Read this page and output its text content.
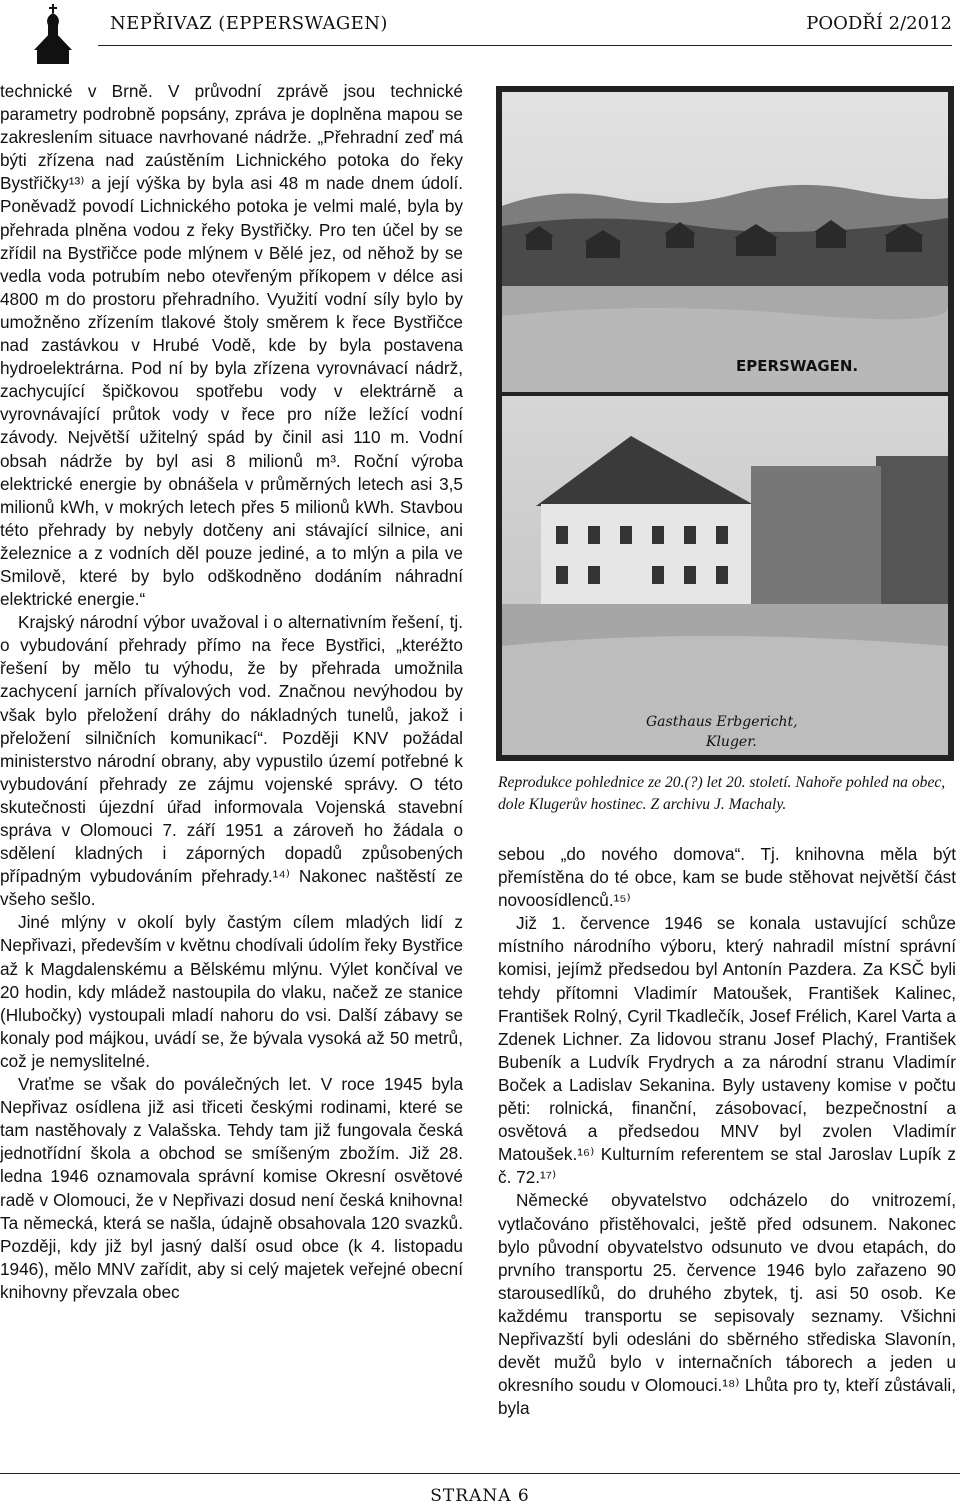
NEPŘIVAZ (EPPERSWAGEN)	POODŘÍ 2/2012

technické v Brně. V průvodní zprávě jsou technické parametry podrobně popsány, zpráva je doplněna mapou se zakreslením situace navrhované nádrže. „Přehradní zeď má býti zřízena nad zaústěním Lichnického potoka do řeky Bystřičky¹³⁾ a její výška by byla asi 48 m nade dnem údolí. Poněvadž povodí Lichnického potoka je velmi malé, byla by přehrada plněna vodou z řeky Bystřičky. Pro ten účel by se zřídil na Bystřičce pode mlýnem v Bělé jez, od něhož by se vedla voda potrubím nebo otevřeným příkopem v délce asi 4800 m do prostoru přehradního. Využití vodní síly bylo by umožněno zřízením tlakové štoly směrem k řece Bystřičce nad zastávkou v Hrubé Vodě, kde by byla postavena hydroelektrárna. Pod ní by byla zřízena vyrovnávací nádrž, zachycující špičkovou spotřebu vody v elektrárně a vyrovnávající průtok vody v řece pro níže ležící vodní závody. Největší užitelný spád by činil asi 110 m. Vodní obsah nádrže by byl asi 8 milionů m³. Roční výroba elektrické energie by obnášela v průměrných letech asi 3,5 milionů kWh, v mokrých letech přes 5 milionů kWh. Stavbou této přehrady by nebyly dotčeny ani stávající silnice, ani železnice a z vodních děl pouze jediné, a to mlýn a pila ve Smilově, které by bylo odškodněno dodáním náhradní elektrické energie.“

Krajský národní výbor uvažoval i o alternativním řešení, tj. o vybudování přehrady přímo na řece Bystřici, „kteréžto řešení by mělo tu výhodu, že by přehrada umožnila zachycení jarních přívalových vod. Značnou nevýhodou by však bylo přeložení dráhy do nákladných tunelů, jakož i přeložení silničních komunikací“. Později KNV požádal ministerstvo národní obrany, aby vypustilo území potřebné k vybudování přehrady ze zájmu vojenské správy. O této skutečnosti újezdní úřad informovala Vojenská stavební správa v Olomouci 7. září 1951 a zároveň ho žádala o sdělení kladných i záporných dopadů způsobených případným vybudováním přehrady.¹⁴⁾ Nakonec naštěstí ze všeho sešlo.

Jiné mlýny v okolí byly častým cílem mladých lidí z Nepřivazi, především v květnu chodívali údolím řeky Bystřice až k Magdalenskému a Bělskému mlýnu. Výlet končíval ve 20 hodin, kdy mládež nastoupila do vlaku, načež ze stanice (Hlubočky) vystoupali mladí nahoru do vsi. Další zábavy se konaly pod májkou, uvádí se, že bývala vysoká až 50 metrů, což je nemyslitelné.

Vraťme se však do poválečných let. V roce 1945 byla Nepřivaz osídlena již asi třiceti českými rodinami, které se tam nastěhovaly z Valašska. Tehdy tam již fungovala česká jednotřídní škola a obchod se smíšeným zbožím. Již 28. ledna 1946 oznamovala správní komise Okresní osvětové radě v Olomouci, že v Nepřivazi dosud není česká knihovna! Ta německá, která se našla, údajně obsahovala 120 svazků. Později, kdy již byl jasný další osud obce (k 4. listopadu 1946), mělo MNV zařídit, aby si celý majetek veřejné obecní knihovny převzala obec

EPERSWAGEN.
Gasthaus Erbgericht,
Kluger.
Reprodukce pohlednice ze 20.(?) let 20. století. Nahoře pohled na obec, dole Klugerův hostinec. Z archivu J. Machaly.

sebou „do nového domova“. Tj. knihovna měla být přemístěna do té obce, kam se bude stěhovat největší část novoosídlenců.¹⁵⁾

Již 1. července 1946 se konala ustavující schůze místního národního výboru, který nahradil místní správní komisi, jejímž předsedou byl Antonín Pazdera. Za KSČ byli tehdy přítomni Vladimír Matoušek, František Kalinec, František Rolný, Cyril Tkadlečík, Josef Frélich, Karel Varta a Zdenek Lichner. Za lidovou stranu Josef Plachý, František Bubeník a Ludvík Frydrych a za národní stranu Vladimír Boček a Ladislav Sekanina. Byly ustaveny komise v počtu pěti: rolnická, finanční, zásobovací, bezpečnostní a osvětová a předsedou MNV byl zvolen Vladimír Matoušek.¹⁶⁾ Kulturním referentem se stal Jaroslav Lupík z č. 72.¹⁷⁾

Německé obyvatelstvo odcházelo do vnitrozemí, vytlačováno přistěhovalci, ještě před odsunem. Nakonec bylo původní obyvatelstvo odsunuto ve dvou etapách, do prvního transportu 25. července 1946 bylo zařazeno 90 starousedlíků, do druhého zbytek, tj. asi 50 osob. Ke každému transportu se sepisovaly seznamy. Všichni Nepřivazští byli odesláni do sběrného střediska Slavonín, devět mužů bylo v internačních táborech a jeden u okresního soudu v Olomouci.¹⁸⁾ Lhůta pro ty, kteří zůstávali, byla

STRANA 6
